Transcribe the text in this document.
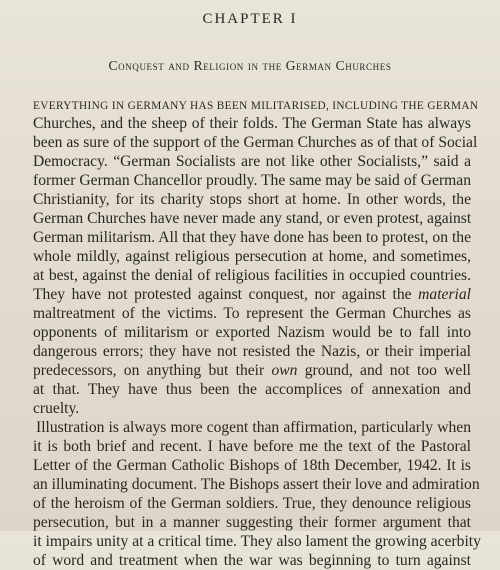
CHAPTER I
Conquest and Religion in the German Churches
EVERYTHING IN GERMANY HAS BEEN MILITARISED, INCLUDING THE GERMAN
Churches, and the sheep of their folds. The German State has always
been as sure of the support of the German Churches as of that of Social
Democracy. “German Socialists are not like other Socialists,” said a
former German Chancellor proudly. The same may be said of German
Christianity, for its charity stops short at home. In other words, the
German Churches have never made any stand, or even protest, against
German militarism. All that they have done has been to protest, on the
whole mildly, against religious persecution at home, and sometimes,
at best, against the denial of religious facilities in occupied countries.
They have not protested against conquest, nor against the material
maltreatment of the victims. To represent the German Churches as
opponents of militarism or exported Nazism would be to fall into
dangerous errors; they have not resisted the Nazis, or their imperial
predecessors, on anything but their own ground, and not too well
at that. They have thus been the accomplices of annexation and
cruelty.
Illustration is always more cogent than affirmation, particularly when
it is both brief and recent. I have before me the text of the Pastoral
Letter of the German Catholic Bishops of 18th December, 1942. It is
an illuminating document. The Bishops assert their love and admiration
of the heroism of the German soldiers. True, they denounce religious
persecution, but in a manner suggesting their former argument that
it impairs unity at a critical time. They also lament the growing acerbity
of word and treatment when the war was beginning to turn against
